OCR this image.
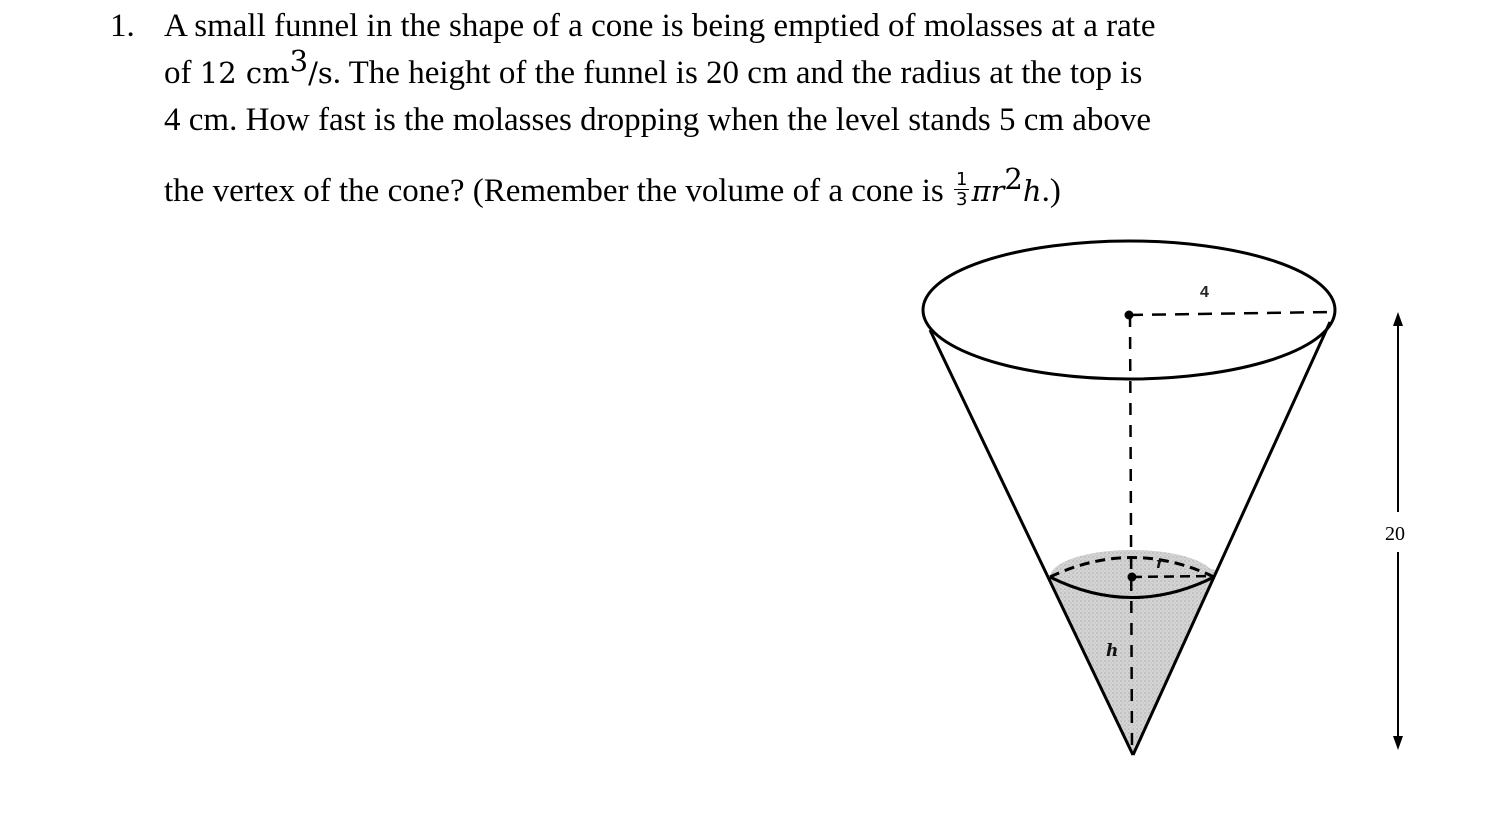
1. A small funnel in the shape of a cone is being emptied of molasses at a rate
of 12 $cm^3/s$. The height of the funnel is 20 cm and the radius at the top is
4 cm. How fast is the molasses dropping when the level stands 5 cm above
the vertex of the cone? (Remember the volume of a cone is $\frac{1}{3} \pi r^2h$.)
4
20
r
h
